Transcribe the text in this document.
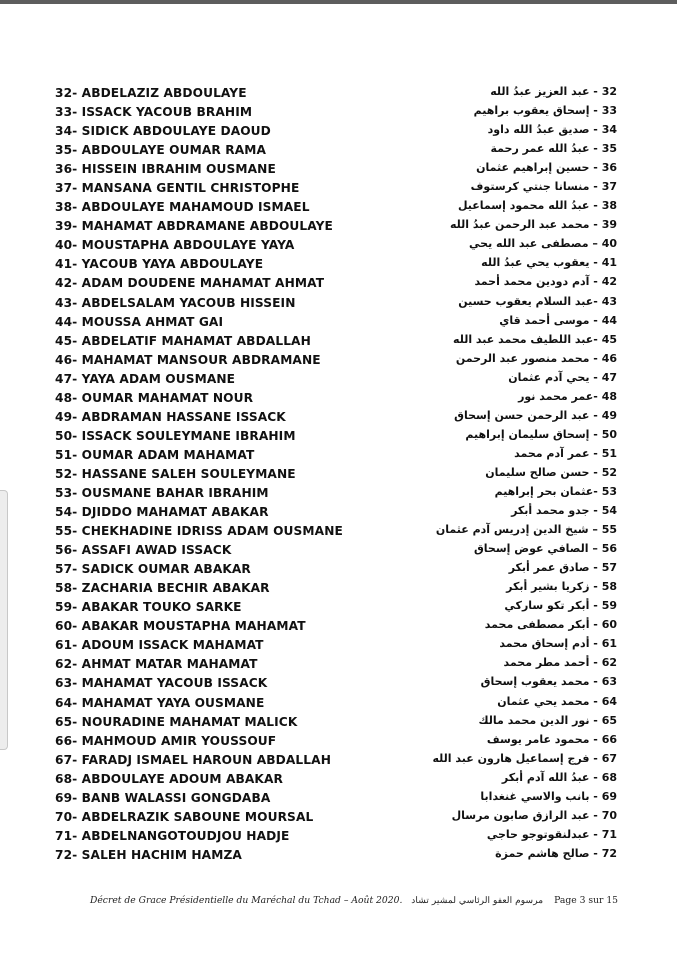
32- ABDELAZIZ ABDOULAYE	32 - عبد العزيز عبدُ الله
33- ISSACK YACOUB BRAHIM	33 - إسحاق يعقوب براهيم
34- SIDICK ABDOULAYE DAOUD	34 - صديق عبدُ الله داود
35- ABDOULAYE OUMAR RAMA	35 - عبدُ الله عمر رحمة
36- HISSEIN IBRAHIM OUSMANE	36 - حسين إبراهيم عثمان
37- MANSANA GENTIL CHRISTOPHE	37 - منسانا جنتي كرستوف
38- ABDOULAYE MAHAMOUD ISMAEL	38 - عبدُ الله محمود إسماعيل
39- MAHAMAT ABDRAMANE ABDOULAYE	39 - محمد عبد الرحمن عبدُ الله
40- MOUSTAPHA ABDOULAYE YAYA	40 – مصطفى عبد الله يحي
41- YACOUB YAYA ABDOULAYE	41 - يعقوب يحي عبدُ الله
42- ADAM DOUDENE MAHAMAT AHMAT	42 - آدم دودين محمد أحمد
43- ABDELSALAM YACOUB HISSEIN	43 -عبد السلام يعقوب حسين
44- MOUSSA AHMAT GAI	44 - موسى أحمد قاي
45- ABDELATIF MAHAMAT ABDALLAH	45 -عبد اللطيف محمد عبد الله
46- MAHAMAT MANSOUR ABDRAMANE	46 - محمد منصور عبد الرحمن
47- YAYA ADAM OUSMANE	47 - يحي آدم عثمان
48- OUMAR MAHAMAT NOUR	48 -عمر محمد نور
49- ABDRAMAN HASSANE ISSACK	49 - عبد الرحمن حسن إسحاق
50- ISSACK SOULEYMANE IBRAHIM	50 - إسحاق سليمان إبراهيم
51- OUMAR ADAM MAHAMAT	51 - عمر آدم محمد
52- HASSANE SALEH SOULEYMANE	52 - حسن صالح سليمان
53- OUSMANE BAHAR IBRAHIM	53 -عثمان بحر إبراهيم
54- DJIDDO MAHAMAT ABAKAR	54 - جدو محمد أبكر
55- CHEKHADINE IDRISS ADAM OUSMANE	55 – شيخ الدين إدريس آدم عثمان
56- ASSAFI AWAD ISSACK	56 – الصافي عوض إسحاق
57- SADICK OUMAR ABAKAR	57 - صادق عمر أبكر
58- ZACHARIA BECHIR ABAKAR	58 - زكريا بشير أبكر
59- ABAKAR TOUKO SARKE	59 - أبكر تكو ساركي
60- ABAKAR MOUSTAPHA MAHAMAT	60 - أبكر مصطفى محمد
61- ADOUM ISSACK MAHAMAT	61 - أدم إسحاق محمد
62- AHMAT MATAR MAHAMAT	62 - أحمد مطر محمد
63- MAHAMAT YACOUB ISSACK	63 - محمد يعقوب إسحاق
64- MAHAMAT YAYA OUSMANE	64 - محمد يحي عثمان
65- NOURADINE MAHAMAT MALICK	65 - نور الدين محمد مالك
66- MAHMOUD AMIR YOUSSOUF	66 - محمود عامر يوسف
67- FARADJ ISMAEL HAROUN ABDALLAH	67 - فرج إسماعيل هارون عبد الله
68- ABDOULAYE ADOUM ABAKAR	68 - عبدُ الله آدم أبكر
69- BANB WALASSI GONGDABA	69 - بانب والاسي غنغدابا
70- ABDELRAZIK SABOUNE MOURSAL	70 - عبد الرازق صابون مرسال
71- ABDELNANGOTOUDJOU HADJE	71 - عبدلنقوتوجو حاجي
72- SALEH HACHIM HAMZA	72 - صالح هاشم حمزة
Décret de Grace Présidentielle du Maréchal du Tchad – Août 2020. مرسوم العفو الرئاسي لمشير تشاد Page 3 sur 15
